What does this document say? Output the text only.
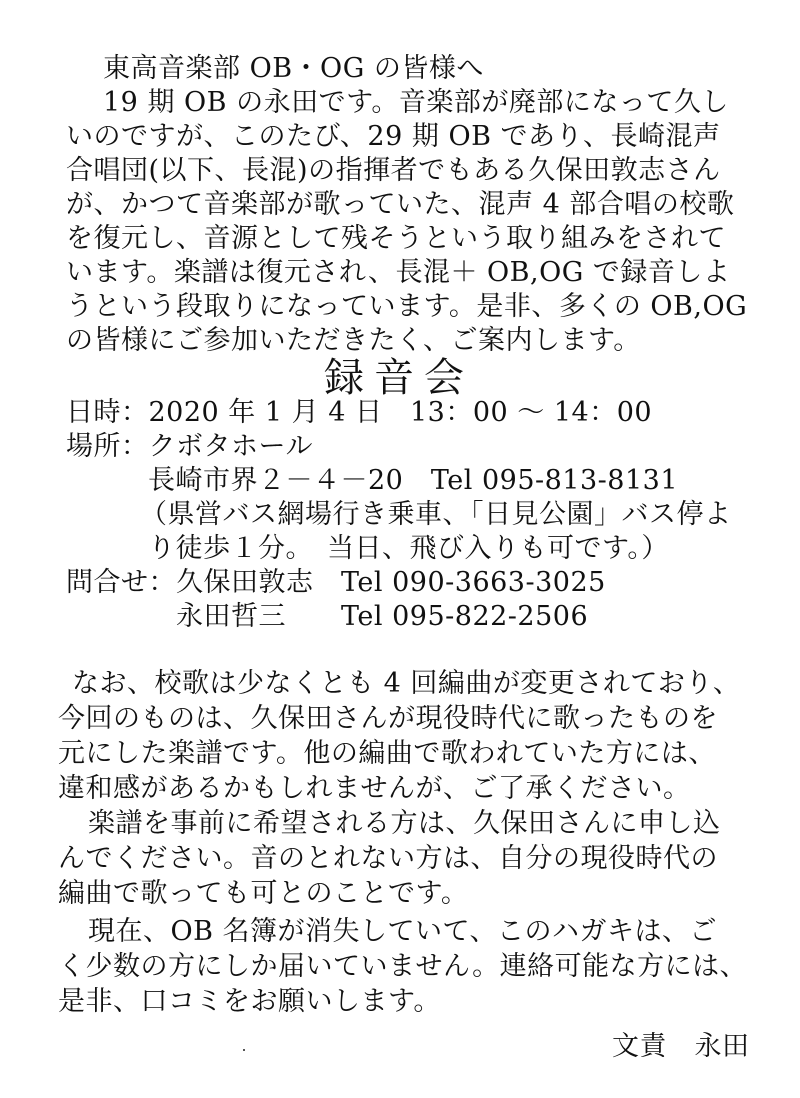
東高音楽部 OB・OG の皆様へ
19 期 OB の永田です。音楽部が廃部になって久し
いのですが、このたび、29 期 OB であり、長崎混声
合唱団(以下、長混)の指揮者でもある久保田敦志さん
が、かつて音楽部が歌っていた、混声 4 部合唱の校歌
を復元し、音源として残そうという取り組みをされて
います。楽譜は復元され、長混＋ OB,OG で録音しよ
うという段取りになっています。是非、多くの OB,OG
の皆様にご参加いただきたく、ご案内します。
録音会
日時：2020 年 1 月 4 日　13：00 〜 14：00
場所：クボタホール
長崎市界２－４－20　Tel 095-813-8131
（県営バス網場行き乗車、「日見公園」バス停よ
り徒歩１分。　当日、飛び入りも可です。）
問合せ：久保田敦志　Tel 090-3663-3025
永田哲三　　Tel 095-822-2506
なお、校歌は少なくとも 4 回編曲が変更されており、
今回のものは、久保田さんが現役時代に歌ったものを
元にした楽譜です。他の編曲で歌われていた方には、
違和感があるかもしれませんが、ご了承ください。
楽譜を事前に希望される方は、久保田さんに申し込
んでください。音のとれない方は、自分の現役時代の
編曲で歌っても可とのことです。
現在、OB 名簿が消失していて、このハガキは、ご
く少数の方にしか届いていません。連絡可能な方には、
是非、口コミをお願いします。
文責　永田
